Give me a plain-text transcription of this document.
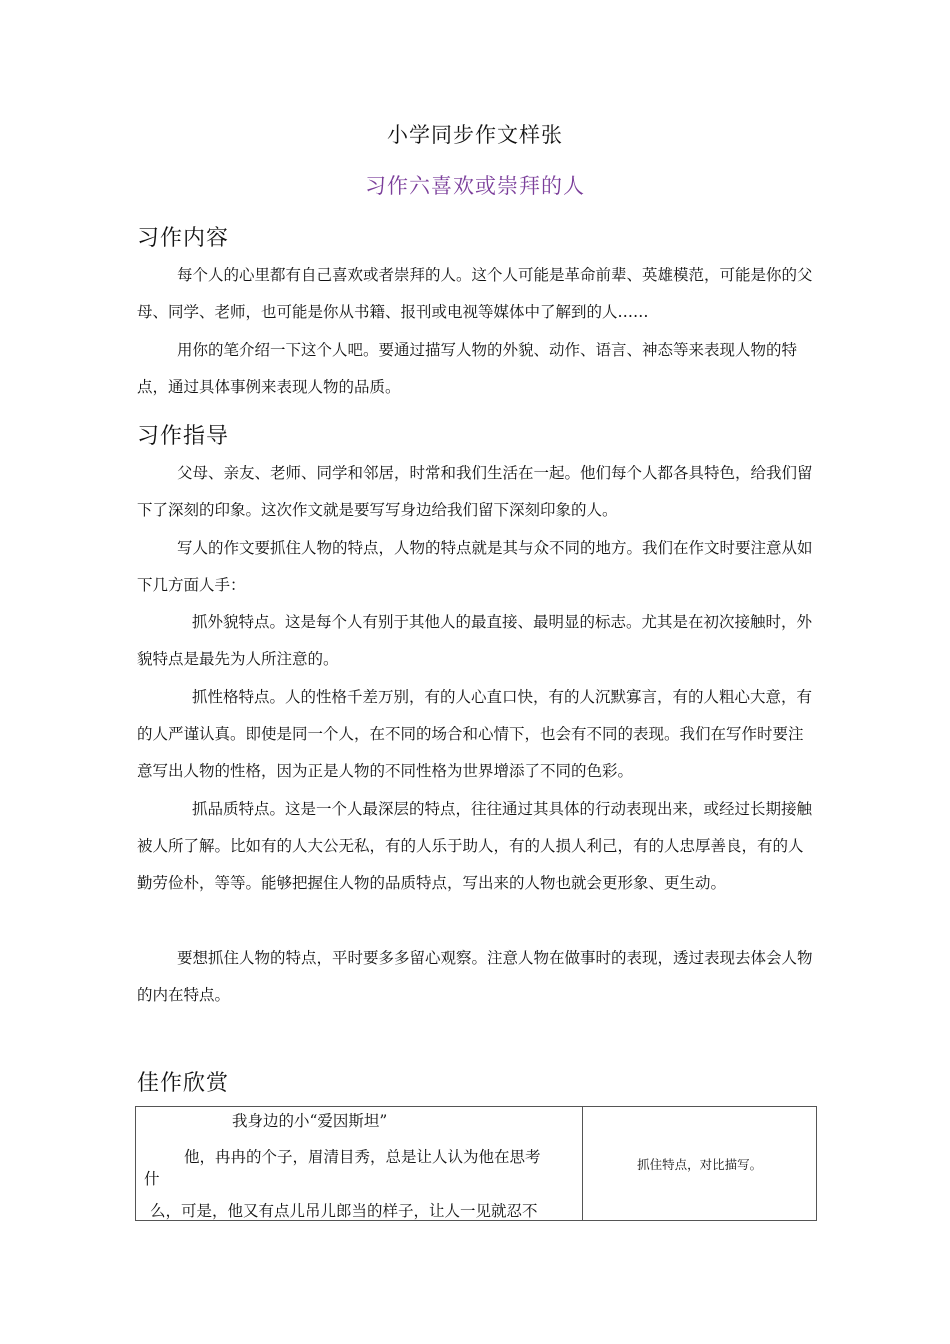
小学同步作文样张
习作六喜欢或崇拜的人
习作内容

每个人的心里都有自己喜欢或者崇拜的人。这个人可能是革命前辈、英雄模范，可能是你的父母、同学、老师，也可能是你从书籍、报刊或电视等媒体中了解到的人……

用你的笔介绍一下这个人吧。要通过描写人物的外貌、动作、语言、神态等来表现人物的特点，通过具体事例来表现人物的品质。

习作指导

父母、亲友、老师、同学和邻居，时常和我们生活在一起。他们每个人都各具特色，给我们留下了深刻的印象。这次作文就是要写写身边给我们留下深刻印象的人。

写人的作文要抓住人物的特点，人物的特点就是其与众不同的地方。我们在作文时要注意从如下几方面人手：

抓外貌特点。这是每个人有别于其他人的最直接、最明显的标志。尤其是在初次接触时，外貌特点是最先为人所注意的。

抓性格特点。人的性格千差万别，有的人心直口快，有的人沉默寡言，有的人粗心大意，有的人严谨认真。即使是同一个人，在不同的场合和心情下，也会有不同的表现。我们在写作时要注意写出人物的性格，因为正是人物的不同性格为世界增添了不同的色彩。

抓品质特点。这是一个人最深层的特点，往往通过其具体的行动表现出来，或经过长期接触被人所了解。比如有的人大公无私，有的人乐于助人，有的人损人利己，有的人忠厚善良，有的人勤劳俭朴，等等。能够把握住人物的品质特点，写出来的人物也就会更形象、更生动。

要想抓住人物的特点，平时要多多留心观察。注意人物在做事时的表现，透过表现去体会人物的内在特点。

佳作欣赏
我身边的小“爱因斯坦”
他，冉冉的个子，眉清目秀，总是让人认为他在思考
什
么，可是，他又有点儿吊儿郎当的样子，让人一见就忍不
	抓住特点，对比描写。
